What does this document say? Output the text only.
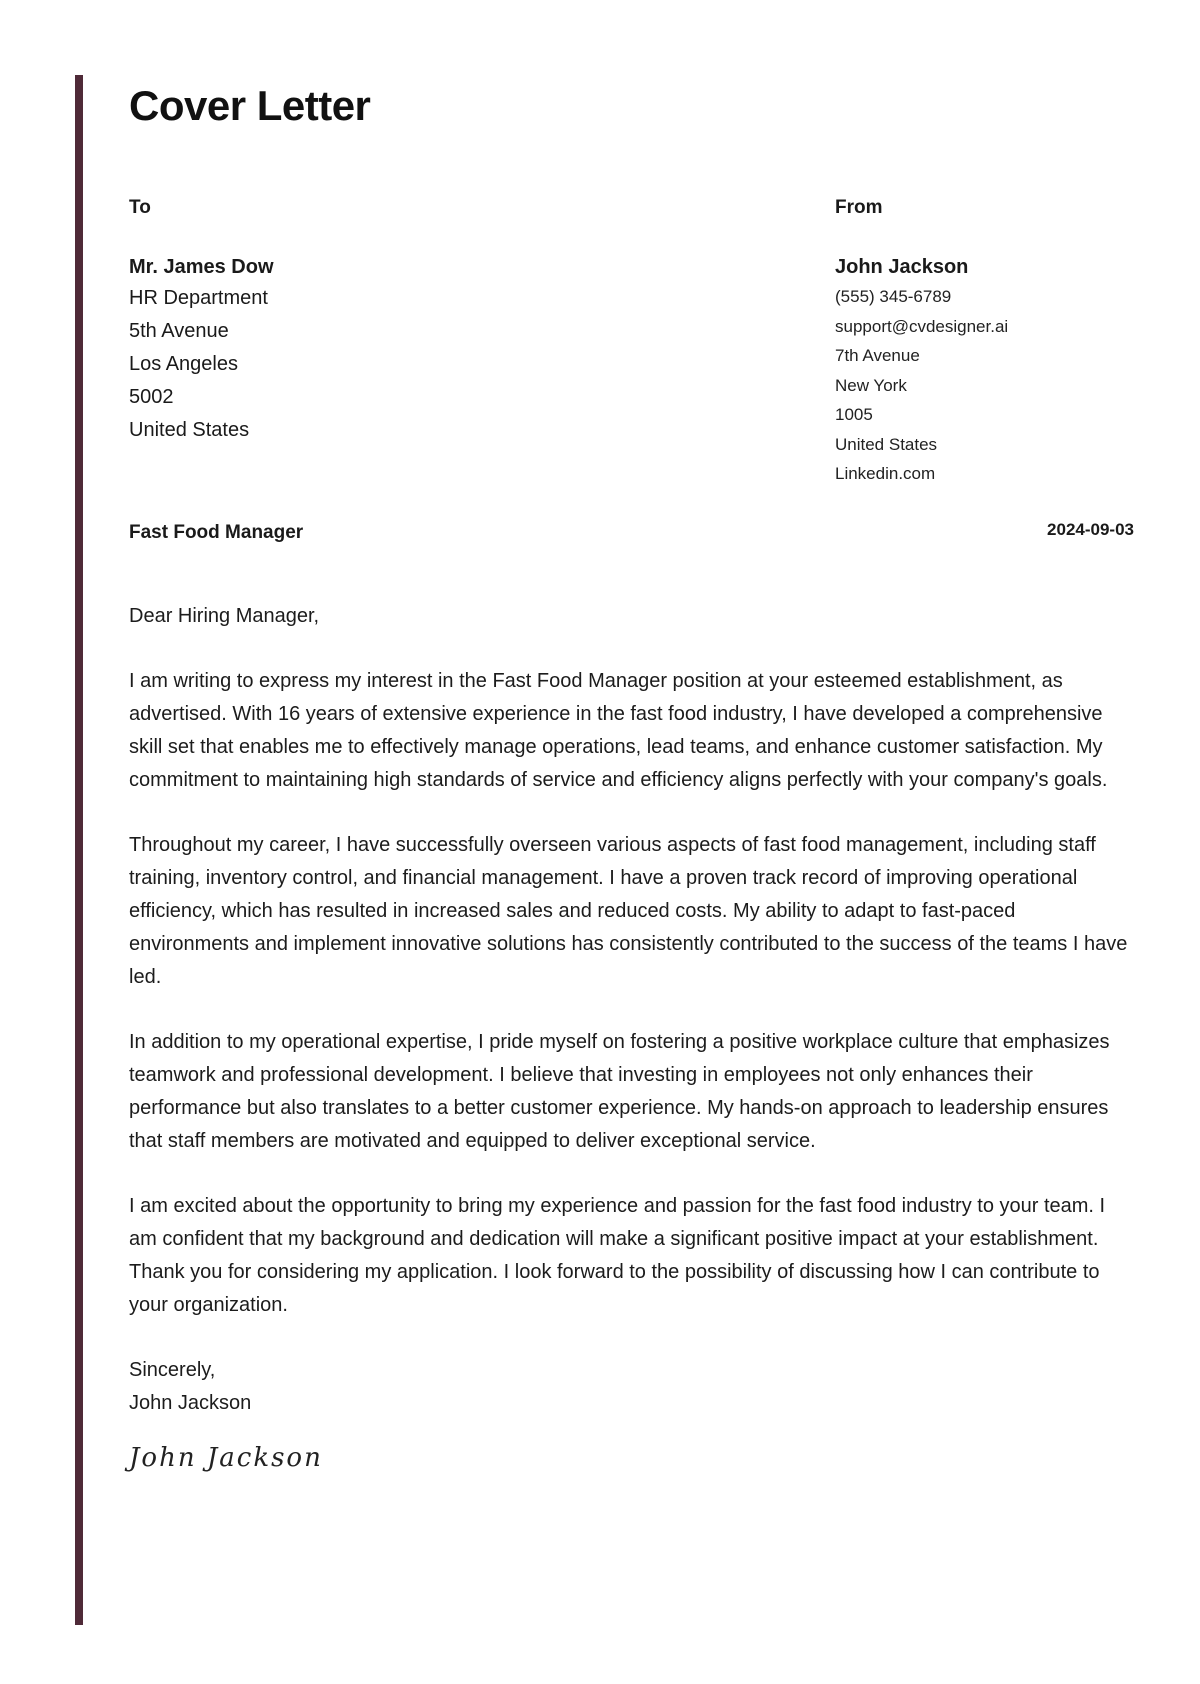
Cover Letter
To

Mr. James Dow

HR Department

5th Avenue

Los Angeles

5002

United States

From

John Jackson

(555) 345-6789

support@cvdesigner.ai

7th Avenue

New York

1005

United States

Linkedin.com

Fast Food Manager	2024-09-03

Dear Hiring Manager,

I am writing to express my interest in the Fast Food Manager position at your esteemed establishment, as advertised. With 16 years of extensive experience in the fast food industry, I have developed a comprehensive skill set that enables me to effectively manage operations, lead teams, and enhance customer satisfaction. My commitment to maintaining high standards of service and efficiency aligns perfectly with your company's goals.

Throughout my career, I have successfully overseen various aspects of fast food management, including staff training, inventory control, and financial management. I have a proven track record of improving operational efficiency, which has resulted in increased sales and reduced costs. My ability to adapt to fast-paced environments and implement innovative solutions has consistently contributed to the success of the teams I have led.

In addition to my operational expertise, I pride myself on fostering a positive workplace culture that emphasizes teamwork and professional development. I believe that investing in employees not only enhances their performance but also translates to a better customer experience. My hands-on approach to leadership ensures that staff members are motivated and equipped to deliver exceptional service.

I am excited about the opportunity to bring my experience and passion for the fast food industry to your team. I am confident that my background and dedication will make a significant positive impact at your establishment. Thank you for considering my application. I look forward to the possibility of discussing how I can contribute to your organization.

Sincerely,

John Jackson

John Jackson
